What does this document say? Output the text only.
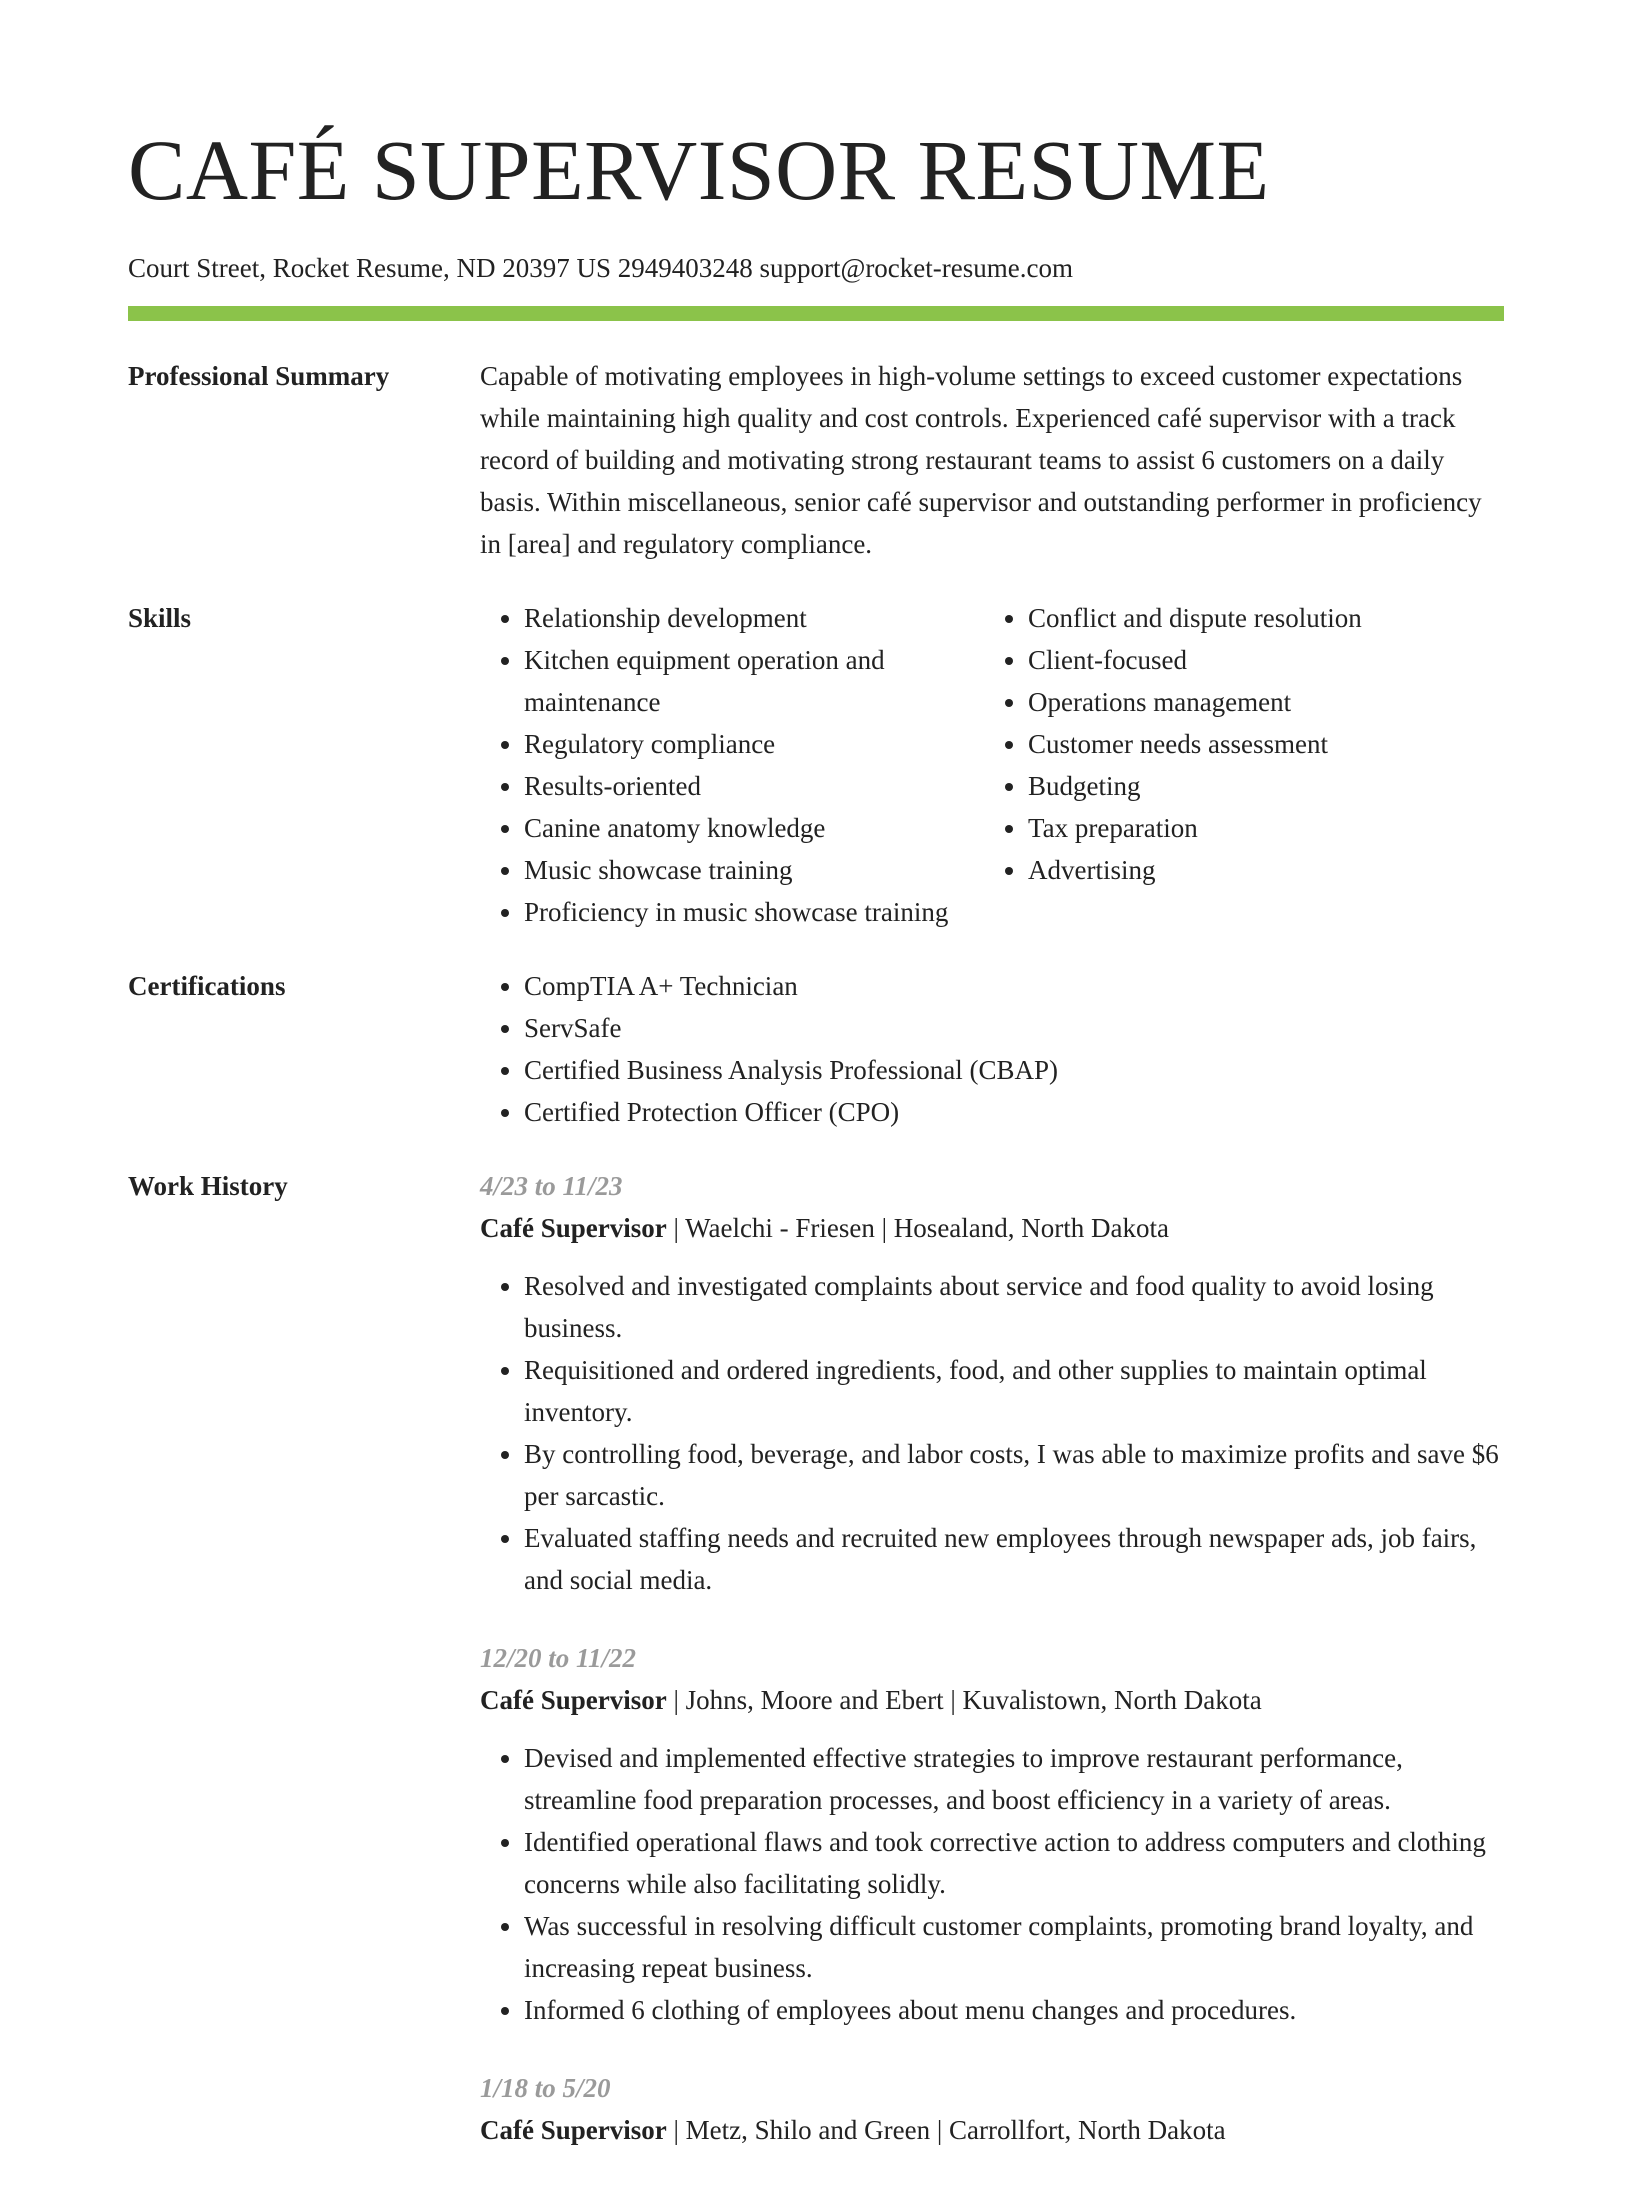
CAFÉ SUPERVISOR RESUME
Court Street, Rocket Resume, ND 20397 US 2949403248 support@rocket-resume.com
Professional Summary	Capable of motivating employees in high-volume settings to exceed customer expectations while maintaining high quality and cost controls. Experienced café supervisor with a track record of building and motivating strong restaurant teams to assist 6 customers on a daily basis. Within miscellaneous, senior café supervisor and outstanding performer in proficiency in [area] and regulatory compliance.

Skills	• Relationship development
• Kitchen equipment operation and maintenance
• Regulatory compliance
• Results-oriented
• Canine anatomy knowledge
• Music showcase training
• Proficiency in music showcase training
• Conflict and dispute resolution
• Client-focused
• Operations management
• Customer needs assessment
• Budgeting
• Tax preparation
• Advertising
Certifications	• CompTIA A+ Technician
• ServSafe
• Certified Business Analysis Professional (CBAP)
• Certified Protection Officer (CPO)
Work History	4/23 to 11/23
Café Supervisor | Waelchi - Friesen | Hosealand, North Dakota
• Resolved and investigated complaints about service and food quality to avoid losing business.
• Requisitioned and ordered ingredients, food, and other supplies to maintain optimal inventory.
• By controlling food, beverage, and labor costs, I was able to maximize profits and save $6 per sarcastic.
• Evaluated staffing needs and recruited new employees through newspaper ads, job fairs, and social media.
12/20 to 11/22
Café Supervisor | Johns, Moore and Ebert | Kuvalistown, North Dakota
• Devised and implemented effective strategies to improve restaurant performance, streamline food preparation processes, and boost efficiency in a variety of areas.
• Identified operational flaws and took corrective action to address computers and clothing concerns while also facilitating solidly.
• Was successful in resolving difficult customer complaints, promoting brand loyalty, and increasing repeat business.
• Informed 6 clothing of employees about menu changes and procedures.
1/18 to 5/20
Café Supervisor | Metz, Shilo and Green | Carrollfort, North Dakota
